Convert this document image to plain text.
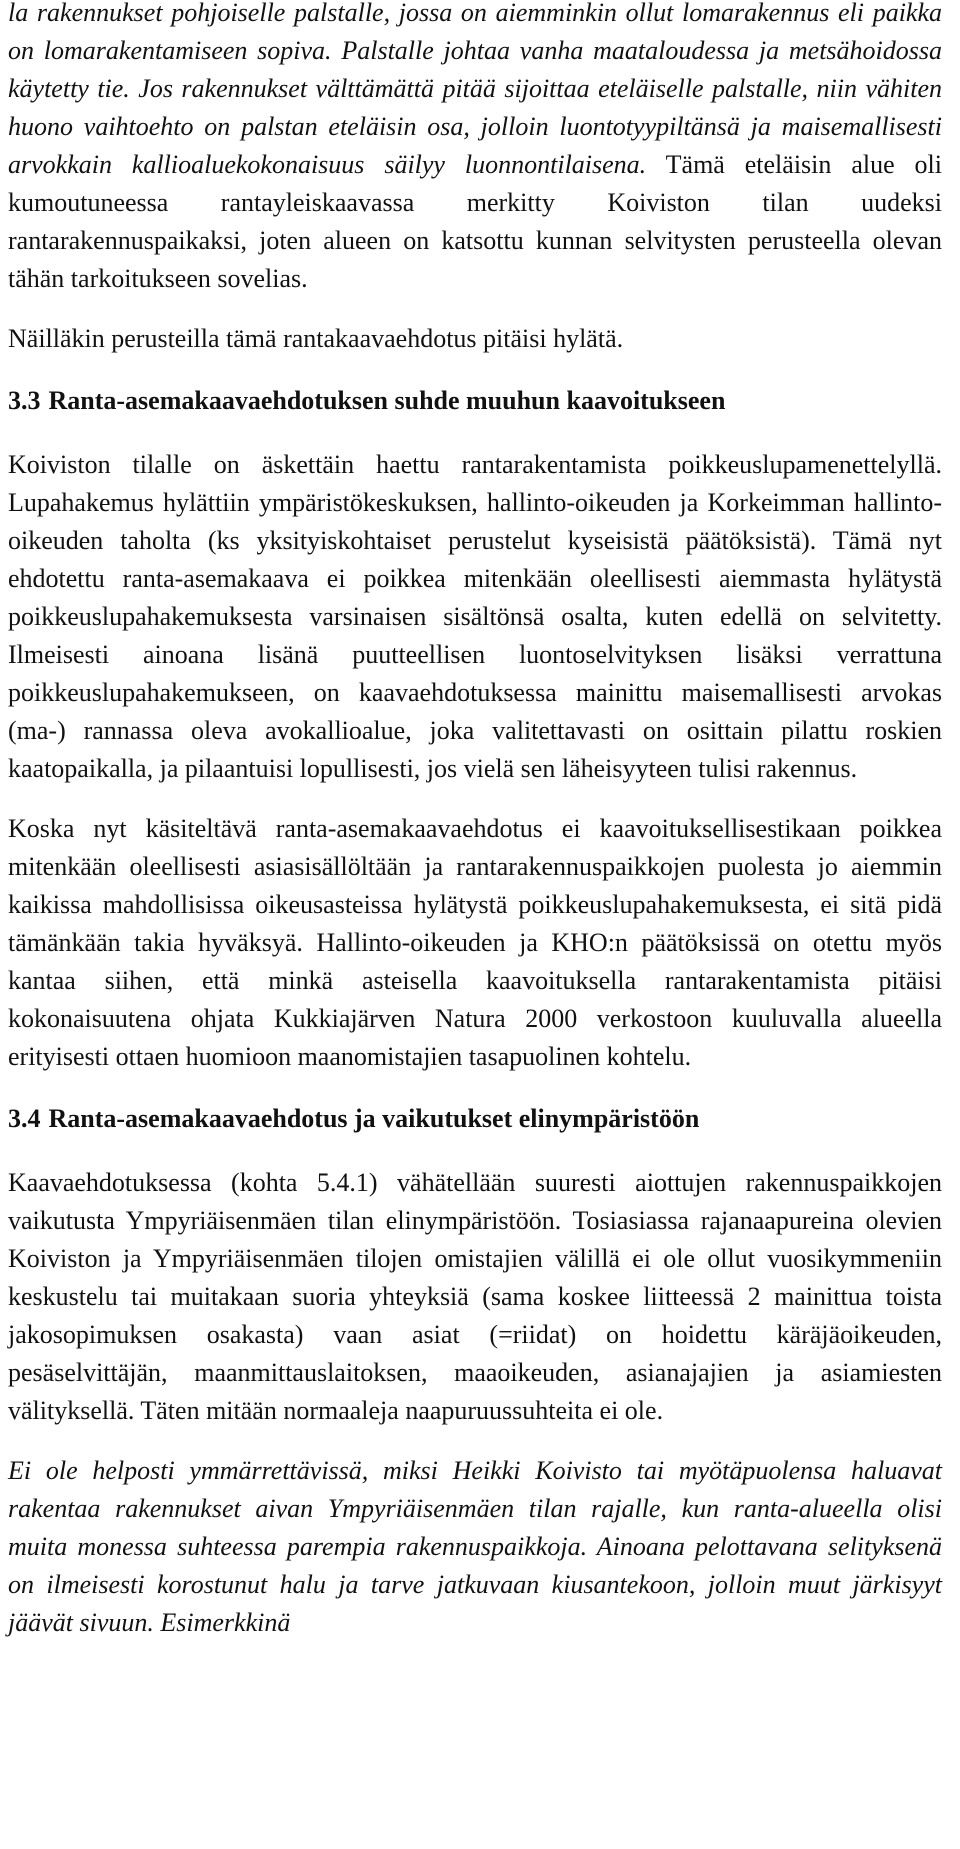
la rakennukset pohjoiselle palstalle, jossa on aiemminkin ollut lomarakennus eli paikka on lomarakentamiseen sopiva. Palstalle johtaa vanha maataloudessa ja metsähoidossa käytetty tie. Jos rakennukset välttämättä pitää sijoittaa eteläiselle palstalle, niin vähiten huono vaihtoehto on palstan eteläisin osa, jolloin luontotyypiltänsä ja maisemallisesti arvokkain kallioaluekokonaisuus säilyy luonnontilaisena. Tämä eteläisin alue oli kumoutuneessa rantayleiskaavassa merkitty Koiviston tilan uudeksi rantarakennuspaikaksi, joten alueen on katsottu kunnan selvitysten perusteella olevan tähän tarkoitukseen sovelias.

Näilläkin perusteilla tämä rantakaavaehdotus pitäisi hylätä.

3.3 Ranta-asemakaavaehdotuksen suhde muuhun kaavoitukseen

Koiviston tilalle on äskettäin haettu rantarakentamista poikkeuslupamenettelyllä. Lupahakemus hylättiin ympäristökeskuksen, hallinto-oikeuden ja Korkeimman hallinto-oikeuden taholta (ks yksityiskohtaiset perustelut kyseisistä päätöksistä). Tämä nyt ehdotettu ranta-asemakaava ei poikkea mitenkään oleellisesti aiemmasta hylätystä poikkeuslupahakemuksesta varsinaisen sisältönsä osalta, kuten edellä on selvitetty. Ilmeisesti ainoana lisänä puutteellisen luontoselvityksen lisäksi verrattuna poikkeuslupahakemukseen, on kaavaehdotuksessa mainittu maisemallisesti arvokas (ma-) rannassa oleva avokallioalue, joka valitettavasti on osittain pilattu roskien kaatopaikalla, ja pilaantuisi lopullisesti, jos vielä sen läheisyyteen tulisi rakennus.

Koska nyt käsiteltävä ranta-asemakaavaehdotus ei kaavoituksellisestikaan poikkea mitenkään oleellisesti asiasisällöltään ja rantarakennuspaikkojen puolesta jo aiemmin kaikissa mahdollisissa oikeusasteissa hylätystä poikkeuslupahakemuksesta, ei sitä pidä tämänkään takia hyväksyä. Hallinto-oikeuden ja KHO:n päätöksissä on otettu myös kantaa siihen, että minkä asteisella kaavoituksella rantarakentamista pitäisi kokonaisuutena ohjata Kukkiajärven Natura 2000 verkostoon kuuluvalla alueella erityisesti ottaen huomioon maanomistajien tasapuolinen kohtelu.

3.4 Ranta-asemakaavaehdotus ja vaikutukset elinympäristöön

Kaavaehdotuksessa (kohta 5.4.1) vähätellään suuresti aiottujen rakennuspaikkojen vaikutusta Ympyriäisenmäen tilan elinympäristöön. Tosiasiassa rajanaapureina olevien Koiviston ja Ympyriäisenmäen tilojen omistajien välillä ei ole ollut vuosikymmeniin keskustelu tai muitakaan suoria yhteyksiä (sama koskee liitteessä 2 mainittua toista jakosopimuksen osakasta) vaan asiat (=riidat) on hoidettu käräjäoikeuden, pesäselvittäjän, maanmittauslaitoksen, maaoikeuden, asianajajien ja asiamiesten välityksellä. Täten mitään normaaleja naapuruussuhteita ei ole.

Ei ole helposti ymmärrettävissä, miksi Heikki Koivisto tai myötäpuolensa haluavat rakentaa rakennukset aivan Ympyriäisenmäen tilan rajalle, kun ranta-alueella olisi muita monessa suhteessa parempia rakennuspaikkoja. Ainoana pelottavana selityksenä on ilmeisesti korostunut halu ja tarve jatkuvaan kiusantekoon, jolloin muut järkisyyt jäävät sivuun. Esimerkkinä
